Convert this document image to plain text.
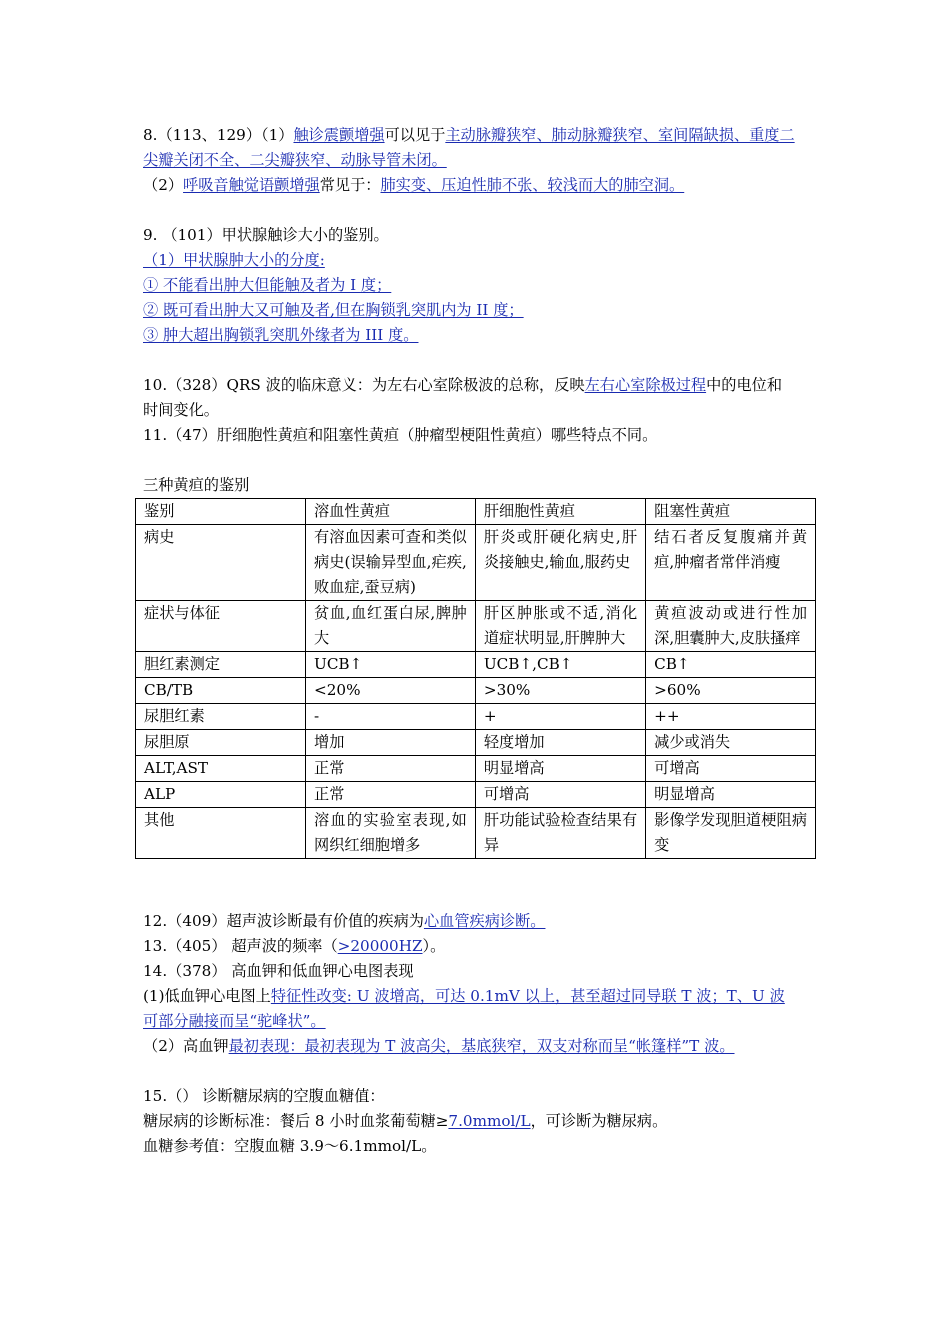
8.（113、129）（1）触诊震颤增强可以见于主动脉瓣狭窄、肺动脉瓣狭窄、室间隔缺损、重度二

尖瓣关闭不全、二尖瓣狭窄、动脉导管未闭。

（2）呼吸音触觉语颤增强常见于：肺实变、压迫性肺不张、较浅而大的肺空洞。

9. （101）甲状腺触诊大小的鉴别。

（1）甲状腺肿大小的分度:

① 不能看出肿大但能触及者为 I 度；

② 既可看出肿大又可触及者,但在胸锁乳突肌内为 II 度；

③ 肿大超出胸锁乳突肌外缘者为 III 度。

10.（328）QRS 波的临床意义：为左右心室除极波的总称，反映左右心室除极过程中的电位和

时间变化。

11.（47）肝细胞性黄疸和阻塞性黄疸（肿瘤型梗阻性黄疸）哪些特点不同。

三种黄疸的鉴别

鉴别	溶血性黄疸	肝细胞性黄疸	阻塞性黄疸
病史	有溶血因素可查和类似病史(误输异型血,疟疾,败血症,蚕豆病)	肝炎或肝硬化病史,肝炎接触史,输血,服药史	结石者反复腹痛并黄疸,肿瘤者常伴消瘦
症状与体征	贫血,血红蛋白尿,脾肿大	肝区肿胀或不适,消化道症状明显,肝脾肿大	黄疸波动或进行性加深,胆囊肿大,皮肤搔痒
胆红素测定	UCB↑	UCB↑,CB↑	CB↑
CB/TB	<20%	>30%	>60%
尿胆红素	-	+	++
尿胆原	增加	轻度增加	减少或消失
ALT,AST	正常	明显增高	可增高
ALP	正常	可增高	明显增高
其他	溶血的实验室表现,如网织红细胞增多	肝功能试验检查结果有异	影像学发现胆道梗阻病变

12.（409）超声波诊断最有价值的疾病为心血管疾病诊断。

13.（405） 超声波的频率（>20000HZ）。

14.（378） 高血钾和低血钾心电图表现

(1)低血钾心电图上特征性改变: U 波增高，可达 0.1mV 以上，甚至超过同导联 T 波；T、U 波

可部分融接而呈“驼峰状”。

（2）高血钾最初表现：最初表现为 T 波高尖，基底狭窄，双支对称而呈“帐篷样”T 波。

15.（） 诊断糖尿病的空腹血糖值：

糖尿病的诊断标准：餐后 8 小时血浆葡萄糖≥7.0mmol/L，可诊断为糖尿病。

血糖参考值：空腹血糖 3.9～6.1mmol/L。
